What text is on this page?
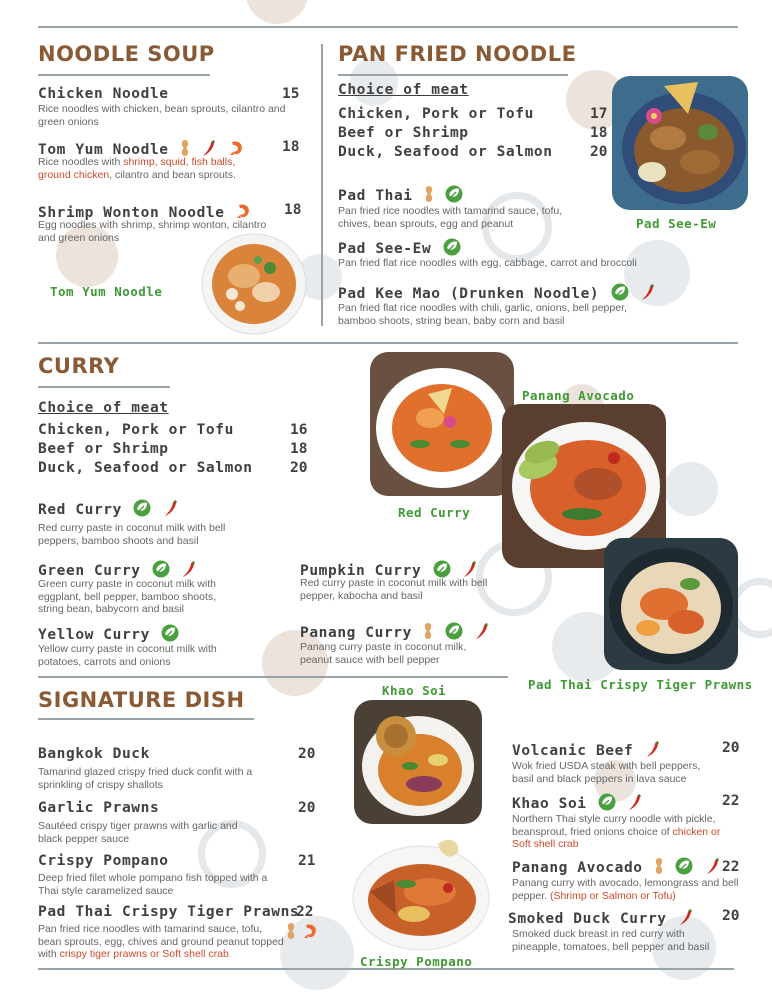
NOODLE SOUP
Chicken Noodle	15
Rice noodles with chicken, bean sprouts, cilantro and green onions
Tom Yum Noodle	18
Rice noodles with shrimp, squid, fish balls, ground chicken, cilantro and bean sprouts.
Shrimp Wonton Noodle	18
Egg noodles with shrimp, shrimp wonton, cilantro and green onions
Tom Yum Noodle
PAN FRIED NOODLE
Choice of meat
Chicken, Pork or Tofu	17
Beef or Shrimp	18
Duck, Seafood or Salmon	20
Pad See-Ew
Pad Thai
Pan fried rice noodles with tamarind sauce, tofu, chives, bean sprouts, egg and peanut
Pad See-Ew
Pan fried flat rice noodles with egg, cabbage, carrot and broccoli
Pad Kee Mao (Drunken Noodle)
Pan fried flat rice noodles with chili, garlic, onions, bell pepper, bamboo shoots, string bean, baby corn and basil
CURRY
Choice of meat
Chicken, Pork or Tofu	16
Beef or Shrimp	18
Duck, Seafood or Salmon	20
Red Curry
Red curry paste in coconut milk with bell peppers, bamboo shoots and basil
Green Curry
Green curry paste in coconut milk with eggplant, bell pepper, bamboo shoots, string bean, babycorn and basil
Yellow Curry
Yellow curry paste in coconut milk with potatoes, carrots and onions
Pumpkin Curry
Red curry paste in coconut milk with bell pepper, kabocha and basil
Panang Curry
Panang curry paste in coconut milk, peanut sauce with bell pepper
Panang Avocado
Red Curry
Pad Thai Crispy Tiger Prawns
SIGNATURE DISH
Bangkok Duck	20
Tamarind glazed crispy fried duck confit with a sprinkling of crispy shallots
Garlic Prawns	20
Sautéed crispy tiger prawns with garlic and black pepper sauce
Crispy Pompano	21
Deep fried filet whole pompano fish topped with a Thai style caramelized sauce
Pad Thai Crispy Tiger Prawns
22
Pan fried rice noodles with tamarind sauce, tofu, bean sprouts, egg, chives and ground peanut topped with crispy tiger prawns or Soft shell crab

Khao Soi
Crispy Pompano
Volcanic Beef	20
Wok fried USDA steak with bell peppers, basil and black peppers in lava sauce
Khao Soi	22
Northern Thai style curry noodle with pickle, beansprout, fried onions choice of chicken or Soft shell crab
Panang Avocado	22
Panang curry with avocado, lemongrass and bell pepper. (Shrimp or Salmon or Tofu)
Smoked Duck Curry	20
Smoked duck breast in red curry with pineapple, tomatoes, bell pepper and basil
